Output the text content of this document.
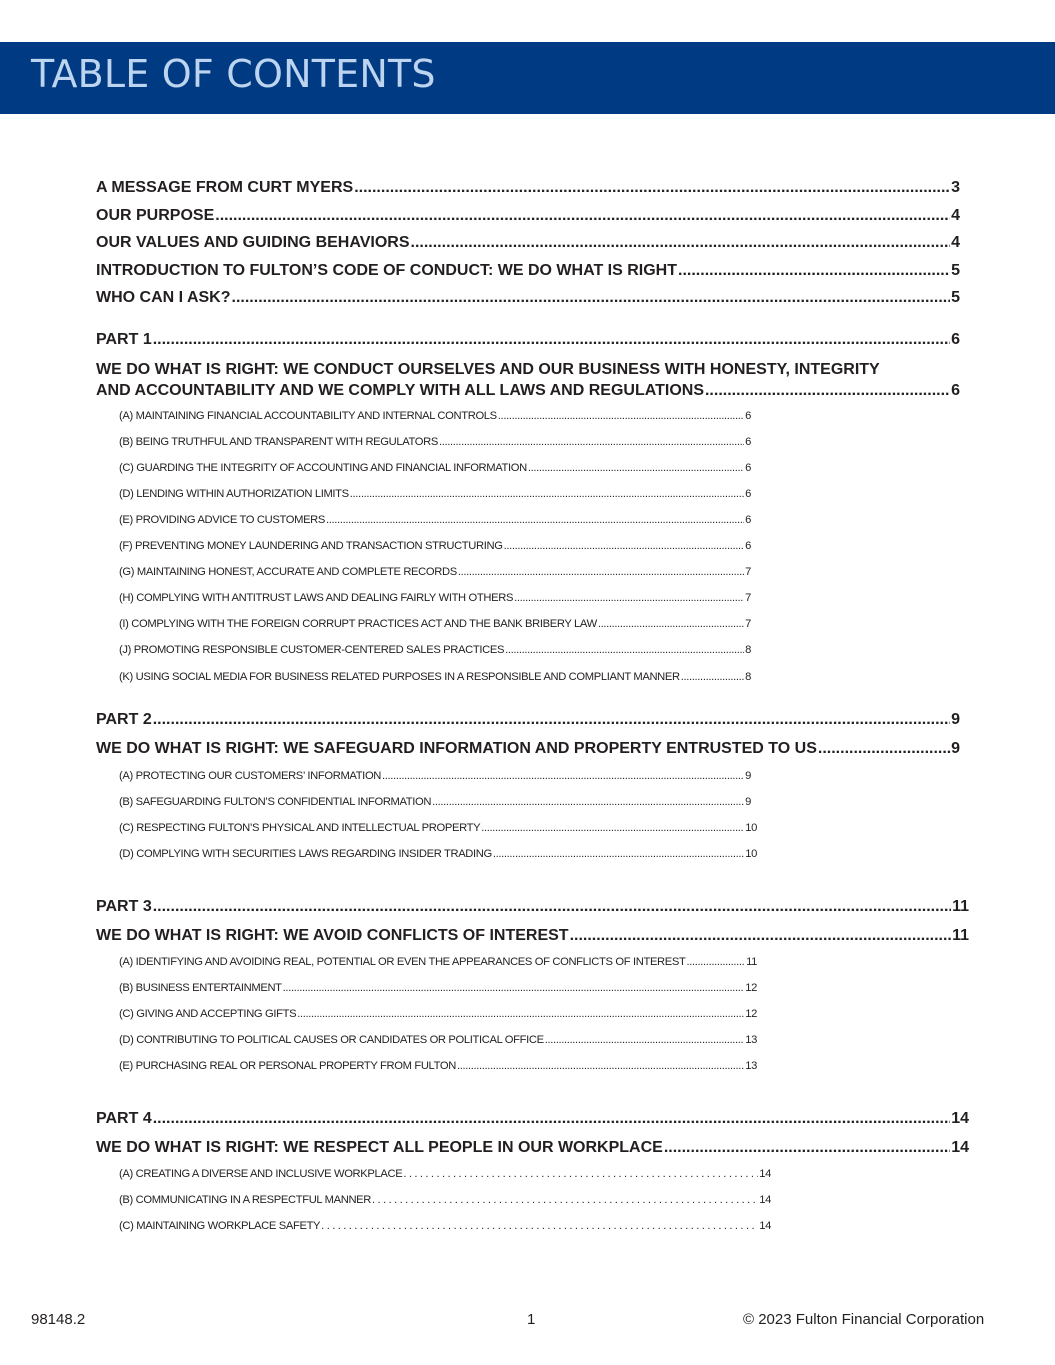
TABLE OF CONTENTS
A MESSAGE FROM CURT MYERS .....	3
OUR PURPOSE .....	4
OUR VALUES AND GUIDING BEHAVIORS .....	4
INTRODUCTION TO FULTON’S CODE OF CONDUCT: WE DO WHAT IS RIGHT .....	5
WHO CAN I ASK? .....	5
PART 1 .....	6
WE DO WHAT IS RIGHT: WE CONDUCT OURSELVES AND OUR BUSINESS WITH HONESTY, INTEGRITY
AND ACCOUNTABILITY AND WE COMPLY WITH ALL LAWS AND REGULATIONS .....	6
(A) MAINTAINING FINANCIAL ACCOUNTABILITY AND INTERNAL CONTROLS .....	6
(B) BEING TRUTHFUL AND TRANSPARENT WITH REGULATORS .....	6
(C) GUARDING THE INTEGRITY OF ACCOUNTING AND FINANCIAL INFORMATION .....	6
(D) LENDING WITHIN AUTHORIZATION LIMITS .....	6
(E) PROVIDING ADVICE TO CUSTOMERS .....	6
(F) PREVENTING MONEY LAUNDERING AND TRANSACTION STRUCTURING .....	6
(G) MAINTAINING HONEST, ACCURATE AND COMPLETE RECORDS .....	7
(H) COMPLYING WITH ANTITRUST LAWS AND DEALING FAIRLY WITH OTHERS .....	7
(I) COMPLYING WITH THE FOREIGN CORRUPT PRACTICES ACT AND THE BANK BRIBERY LAW .....	7
(J) PROMOTING RESPONSIBLE CUSTOMER-CENTERED SALES PRACTICES .....	8
(K) USING SOCIAL MEDIA FOR BUSINESS RELATED PURPOSES IN A RESPONSIBLE AND COMPLIANT MANNER .....	8
PART 2 .....	9
WE DO WHAT IS RIGHT: WE SAFEGUARD INFORMATION AND PROPERTY ENTRUSTED TO US .....	9
(A) PROTECTING OUR CUSTOMERS’ INFORMATION .....	9
(B) SAFEGUARDING FULTON’S CONFIDENTIAL INFORMATION .....	9
(C) RESPECTING FULTON’S PHYSICAL AND INTELLECTUAL PROPERTY .....	10
(D) COMPLYING WITH SECURITIES LAWS REGARDING INSIDER TRADING .....	10
PART 3 .....	11
WE DO WHAT IS RIGHT: WE AVOID CONFLICTS OF INTEREST .....	11
(A) IDENTIFYING AND AVOIDING REAL, POTENTIAL OR EVEN THE APPEARANCES OF CONFLICTS OF INTEREST .....	11
(B) BUSINESS ENTERTAINMENT .....	12
(C) GIVING AND ACCEPTING GIFTS .....	12
(D) CONTRIBUTING TO POLITICAL CAUSES OR CANDIDATES OR POLITICAL OFFICE .....	13
(E) PURCHASING REAL OR PERSONAL PROPERTY FROM FULTON .....	13
PART 4 .....	14
WE DO WHAT IS RIGHT: WE RESPECT ALL PEOPLE IN OUR WORKPLACE .....	14
(A) CREATING A DIVERSE AND INCLUSIVE WORKPLACE . . .	14
(B) COMMUNICATING IN A RESPECTFUL MANNER . . .	14
(C) MAINTAINING WORKPLACE SAFETY . . .	14
98148.2	1	© 2023 Fulton Financial Corporation
